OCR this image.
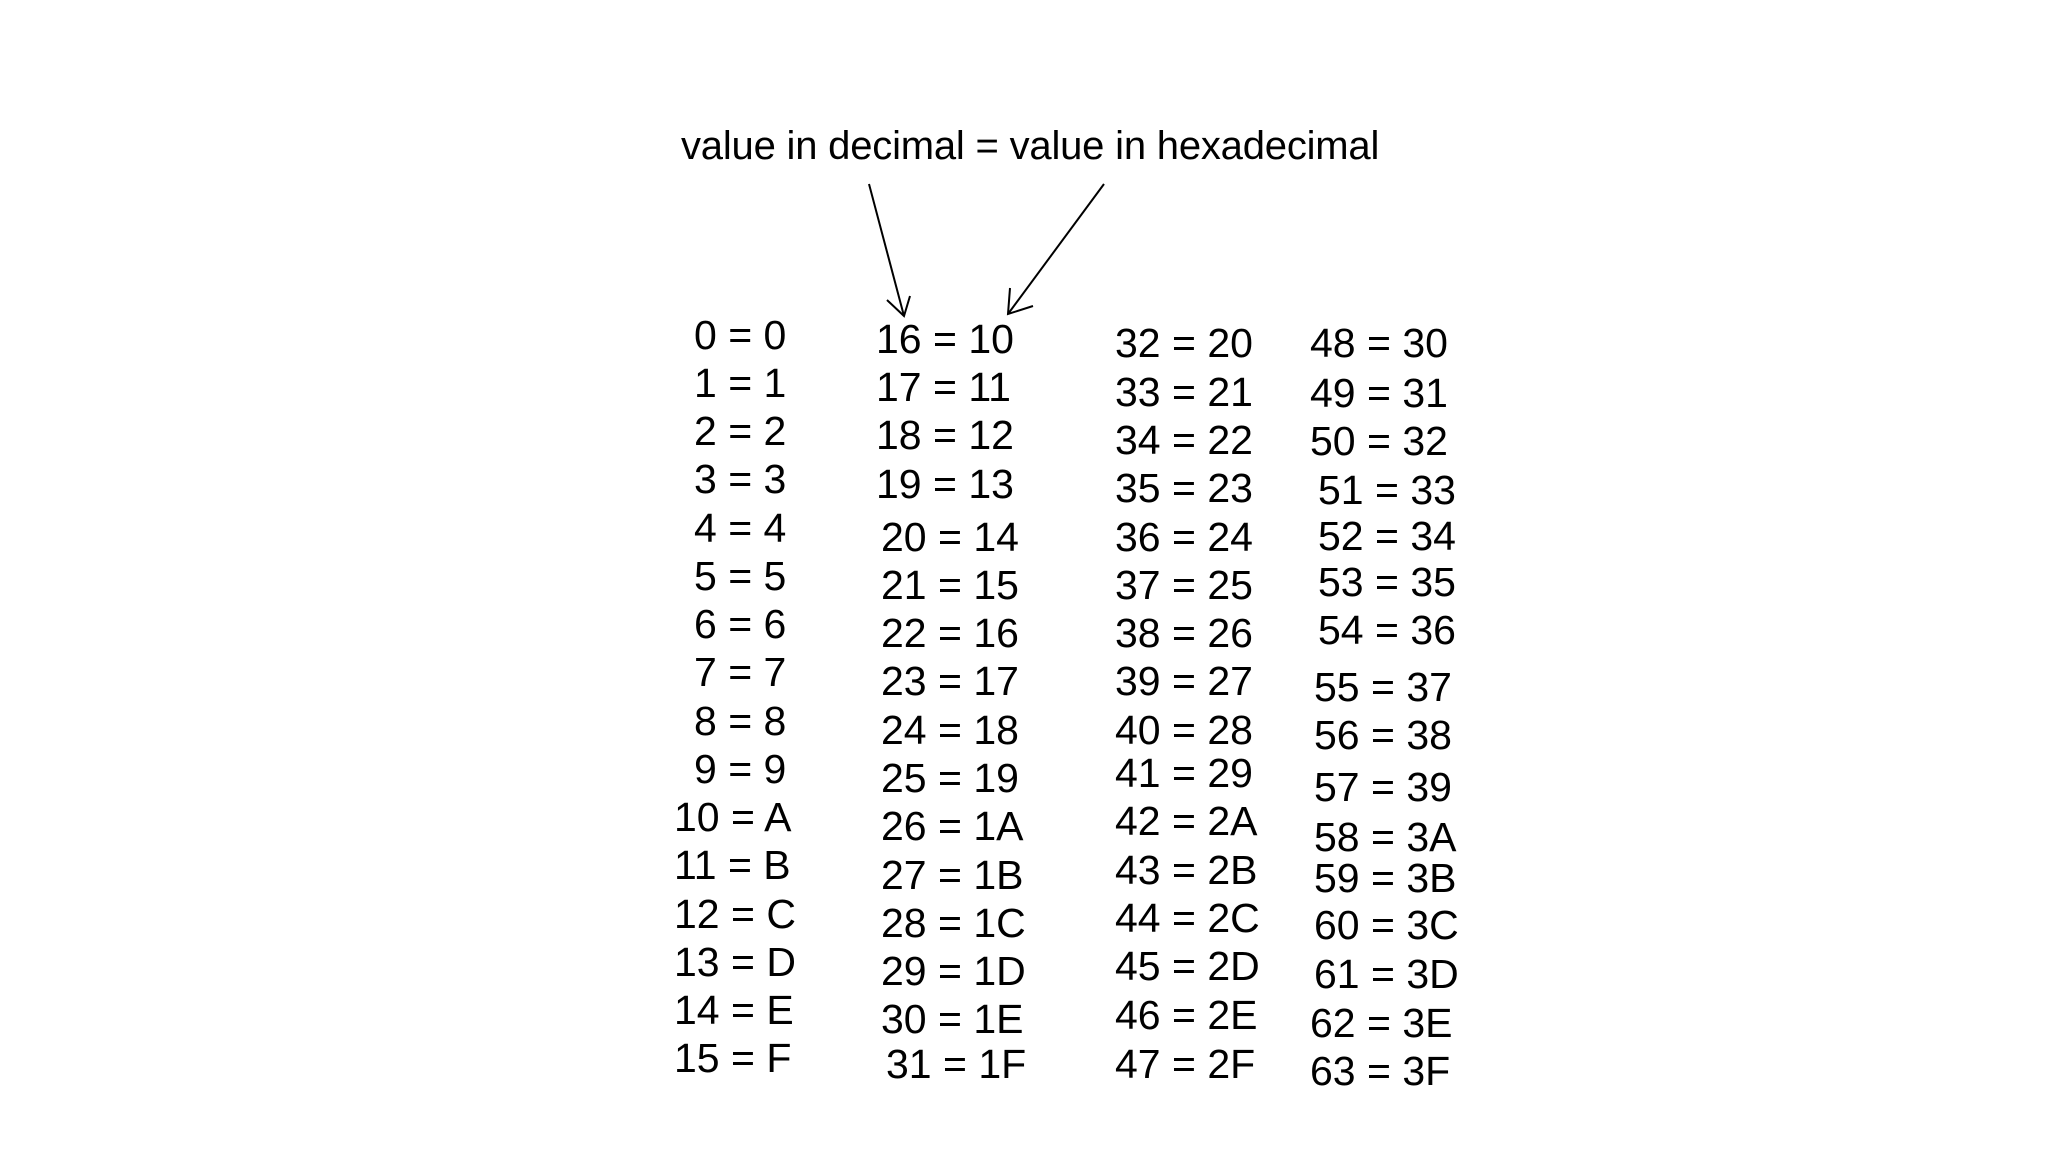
value in decimal = value in hexadecimal
0 = 0
1 = 1
2 = 2
3 = 3
4 = 4
5 = 5
6 = 6
7 = 7
8 = 8
9 = 9
10 = A
11 = B
12 = C
13 = D
14 = E
15 = F
16 = 10
17 = 11
18 = 12
19 = 13
20 = 14
21 = 15
22 = 16
23 = 17
24 = 18
25 = 19
26 = 1A
27 = 1B
28 = 1C
29 = 1D
30 = 1E
31 = 1F
32 = 20
33 = 21
34 = 22
35 = 23
36 = 24
37 = 25
38 = 26
39 = 27
40 = 28
41 = 29
42 = 2A
43 = 2B
44 = 2C
45 = 2D
46 = 2E
47 = 2F
48 = 30
49 = 31
50 = 32
51 = 33
52 = 34
53 = 35
54 = 36
55 = 37
56 = 38
57 = 39
58 = 3A
59 = 3B
60 = 3C
61 = 3D
62 = 3E
63 = 3F
